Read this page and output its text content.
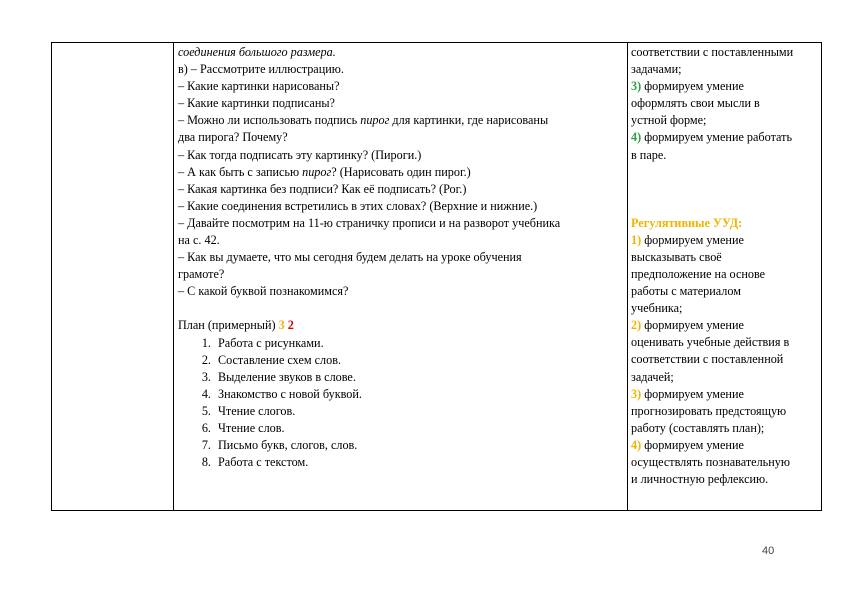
соединения большого размера.
в) – Рассмотрите иллюстрацию.
– Какие картинки нарисованы?
– Какие картинки подписаны?
– Можно ли использовать подпись пирог для картинки, где нарисованы
два пирога? Почему?
– Как тогда подписать эту картинку? (Пироги.)
– А как быть с записью пирог? (Нарисовать один пирог.)
– Какая картинка без подписи? Как её подписать? (Рог.)
– Какие соединения встретились в этих словах? (Верхние и нижние.)
– Давайте посмотрим на 11-ю страничку прописи и на разворот учебника
на с. 42.
– Как вы думаете, что мы сегодня будем делать на уроке обучения
грамоте?
– С какой буквой познакомимся?
План (примерный) 3 2
1. Работа с рисунками.
2. Составление схем слов.
3. Выделение звуков в слове.
4. Знакомство с новой буквой.
5. Чтение слогов.
6. Чтение слов.
7. Письмо букв, слогов, слов.
8. Работа с текстом.
соответствии с поставленными
задачами;
3) формируем умение
оформлять свои мысли в
устной форме;
4) формируем умение работать
в паре.
Регулятивные УУД:
1) формируем умение
высказывать своё
предположение на основе
работы с материалом
учебника;
2) формируем умение
оценивать учебные действия в
соответствии с поставленной
задачей;
3) формируем умение
прогнозировать предстоящую
работу (составлять план);
4) формируем умение
осуществлять познавательную
и личностную рефлексию.
40
